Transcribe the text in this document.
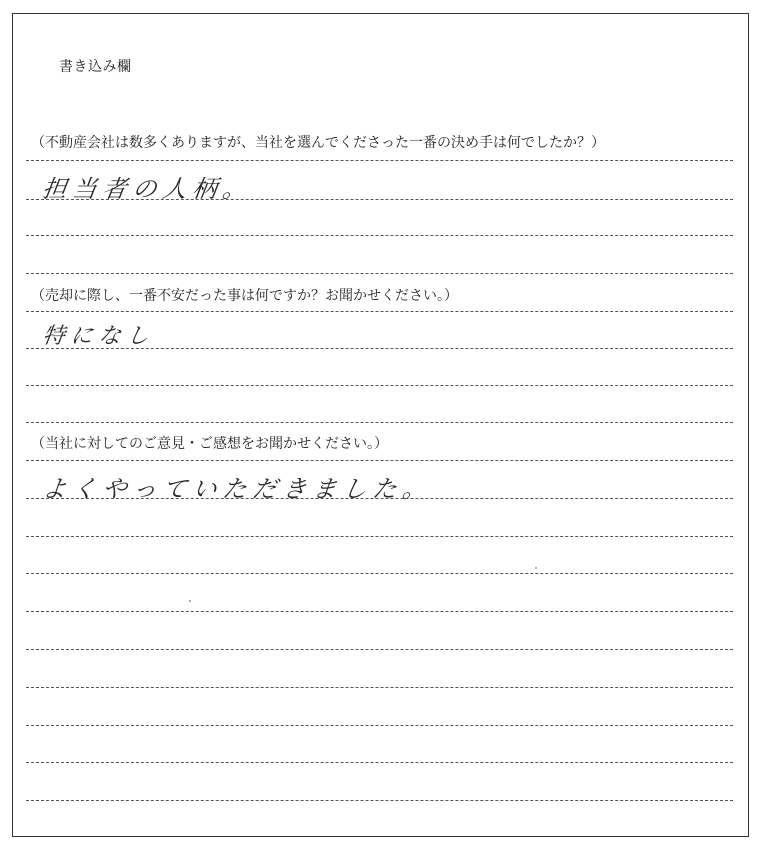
書き込み欄
（不動産会社は数多くありますが、当社を選んでくださった一番の決め手は何でしたか？）
担当者の人柄。
（売却に際し、一番不安だった事は何ですか？お聞かせください。）
特になし
（当社に対してのご意見・ご感想をお聞かせください。）
よくやっていただきました。
